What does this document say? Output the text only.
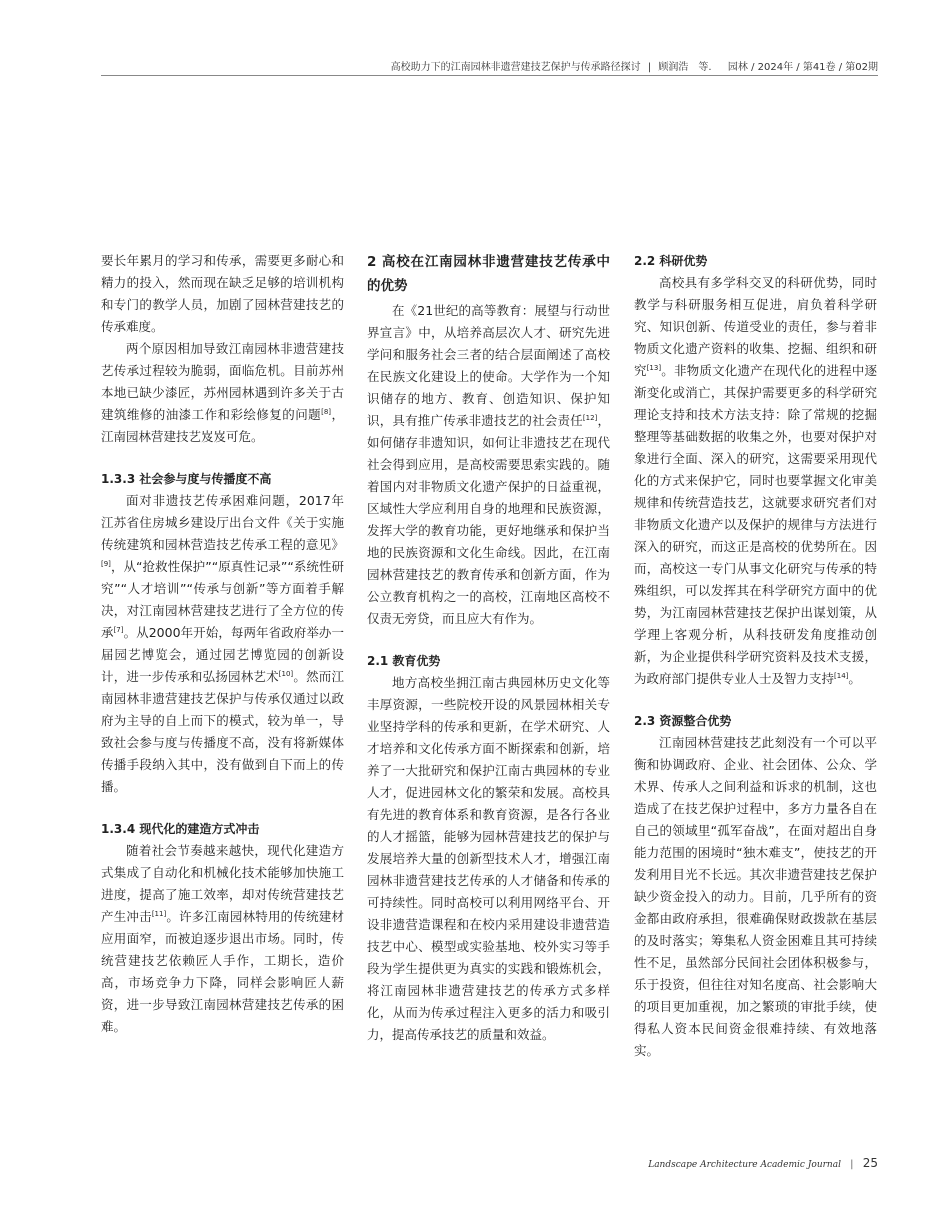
高校助力下的江南园林非遗营建技艺保护与传承路径探讨 | 顾润浩　等. 园林 / 2024年 / 第41卷 / 第02期

要长年累月的学习和传承，需要更多耐心和精力的投入，然而现在缺乏足够的培训机构和专门的教学人员，加剧了园林营建技艺的传承难度。

两个原因相加导致江南园林非遗营建技艺传承过程较为脆弱，面临危机。目前苏州本地已缺少漆匠，苏州园林遇到许多关于古建筑维修的油漆工作和彩绘修复的问题[8]，江南园林营建技艺岌岌可危。

1.3.3 社会参与度与传播度不高

面对非遗技艺传承困难问题，2017年江苏省住房城乡建设厅出台文件《关于实施传统建筑和园林营造技艺传承工程的意见》[9]，从“抢救性保护”“原真性记录”“系统性研究”“人才培训”“传承与创新”等方面着手解决，对江南园林营建技艺进行了全方位的传承[7]。从2000年开始，每两年省政府举办一届园艺博览会，通过园艺博览园的创新设计，进一步传承和弘扬园林艺术[10]。然而江南园林非遗营建技艺保护与传承仅通过以政府为主导的自上而下的模式，较为单一，导致社会参与度与传播度不高，没有将新媒体传播手段纳入其中，没有做到自下而上的传播。

1.3.4 现代化的建造方式冲击

随着社会节奏越来越快，现代化建造方式集成了自动化和机械化技术能够加快施工进度，提高了施工效率，却对传统营建技艺产生冲击[11]。许多江南园林特用的传统建材应用面窄，而被迫逐步退出市场。同时，传统营建技艺依赖匠人手作，工期长，造价高，市场竞争力下降，同样会影响匠人薪资，进一步导致江南园林营建技艺传承的困难。

2 高校在江南园林非遗营建技艺传承中的优势

在《21世纪的高等教育：展望与行动世界宣言》中，从培养高层次人才、研究先进学问和服务社会三者的结合层面阐述了高校在民族文化建设上的使命。大学作为一个知识储存的地方、教育、创造知识、保护知识，具有推广传承非遗技艺的社会责任[12]，如何储存非遗知识，如何让非遗技艺在现代社会得到应用，是高校需要思索实践的。随着国内对非物质文化遗产保护的日益重视，区域性大学应利用自身的地理和民族资源，发挥大学的教育功能，更好地继承和保护当地的民族资源和文化生命线。因此，在江南园林营建技艺的教育传承和创新方面，作为公立教育机构之一的高校，江南地区高校不仅责无旁贷，而且应大有作为。

2.1 教育优势

地方高校坐拥江南古典园林历史文化等丰厚资源，一些院校开设的风景园林相关专业坚持学科的传承和更新，在学术研究、人才培养和文化传承方面不断探索和创新，培养了一大批研究和保护江南古典园林的专业人才，促进园林文化的繁荣和发展。高校具有先进的教育体系和教育资源，是各行各业的人才摇篮，能够为园林营建技艺的保护与发展培养大量的创新型技术人才，增强江南园林非遗营建技艺传承的人才储备和传承的可持续性。同时高校可以利用网络平台、开设非遗营造课程和在校内采用建设非遗营造技艺中心、模型或实验基地、校外实习等手段为学生提供更为真实的实践和锻炼机会，将江南园林非遗营建技艺的传承方式多样化，从而为传承过程注入更多的活力和吸引力，提高传承技艺的质量和效益。

2.2 科研优势

高校具有多学科交叉的科研优势，同时教学与科研服务相互促进，肩负着科学研究、知识创新、传道受业的责任，参与着非物质文化遗产资料的收集、挖掘、组织和研究[13]。非物质文化遗产在现代化的进程中逐渐变化或消亡，其保护需要更多的科学研究理论支持和技术方法支持：除了常规的挖掘整理等基础数据的收集之外，也要对保护对象进行全面、深入的研究，这需要采用现代化的方式来保护它，同时也要掌握文化审美规律和传统营造技艺，这就要求研究者们对非物质文化遗产以及保护的规律与方法进行深入的研究，而这正是高校的优势所在。因而，高校这一专门从事文化研究与传承的特殊组织，可以发挥其在科学研究方面中的优势，为江南园林营建技艺保护出谋划策，从学理上客观分析，从科技研发角度推动创新，为企业提供科学研究资料及技术支援，为政府部门提供专业人士及智力支持[14]。

2.3 资源整合优势

江南园林营建技艺此刻没有一个可以平衡和协调政府、企业、社会团体、公众、学术界、传承人之间利益和诉求的机制，这也造成了在技艺保护过程中，多方力量各自在自己的领域里“孤军奋战”，在面对超出自身能力范围的困境时“独木难支”，使技艺的开发利用目光不长远。其次非遗营建技艺保护缺少资金投入的动力。目前，几乎所有的资金都由政府承担，很难确保财政拨款在基层的及时落实；筹集私人资金困难且其可持续性不足，虽然部分民间社会团体积极参与，乐于投资，但往往对知名度高、社会影响大的项目更加重视，加之繁琐的审批手续，使得私人资本民间资金很难持续、有效地落实。

Landscape Architecture Academic Journal | 25
